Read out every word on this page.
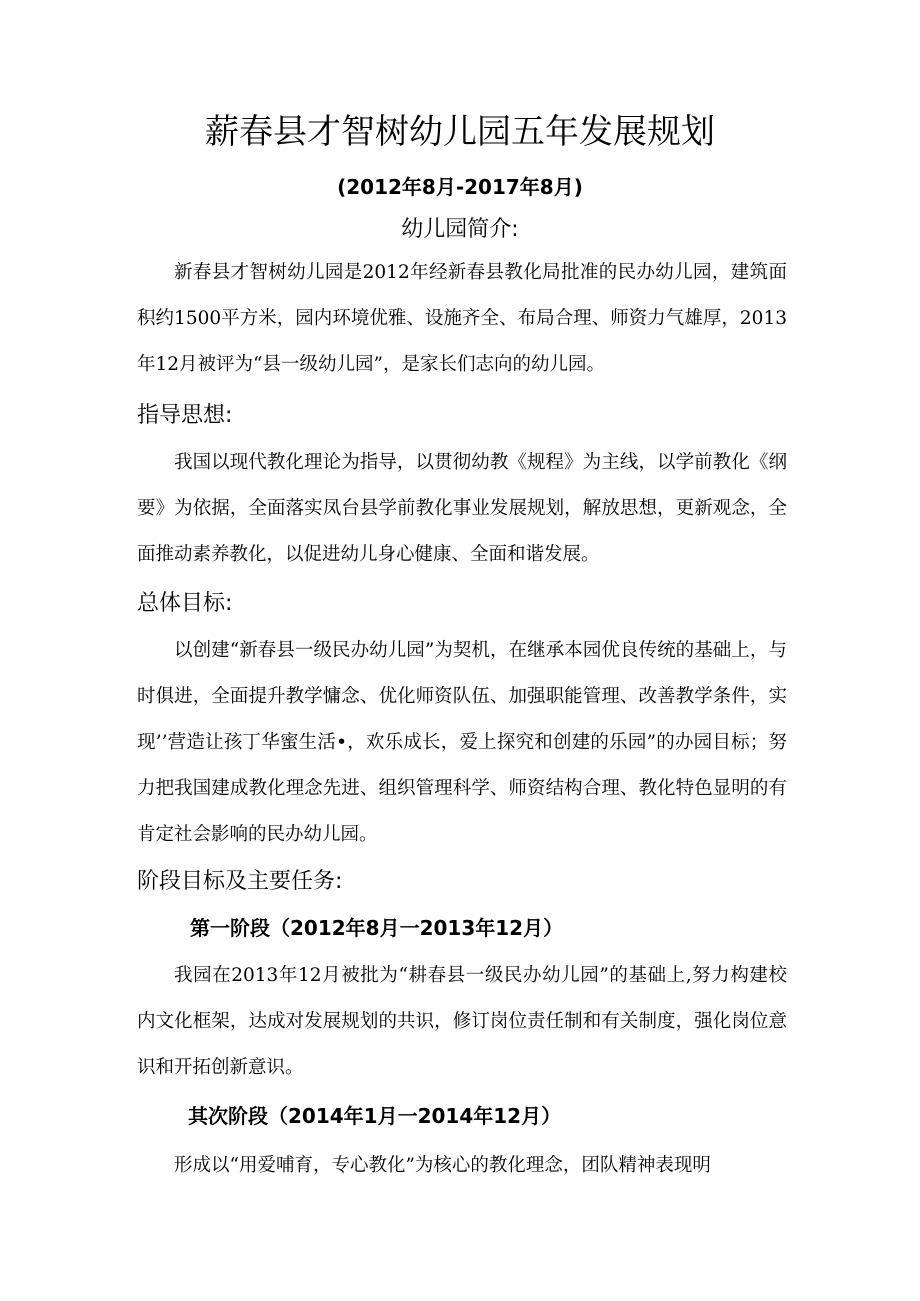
薪春县才智树幼儿园五年发展规划
(2012年8月-2017年8月)
幼儿园简介:

新春县才智树幼儿园是2012年经新春县教化局批准的民办幼儿园，建筑面积约1500平方米，园内环境优雅、设施齐全、布局合理、师资力气雄厚，2013年12月被评为“县一级幼儿园”，是家长们志向的幼儿园。

指导思想:

我国以现代教化理论为指导，以贯彻幼教《规程》为主线，以学前教化《纲要》为依据，全面落实凤台县学前教化事业发展规划，解放思想，更新观念，全面推动素养教化，以促进幼儿身心健康、全面和谐发展。

总体目标:

以创建“新春县一级民办幼儿园”为契机，在继承本园优良传统的基础上，与时俱进，全面提升教学慵念、优化师资队伍、加强职能管理、改善教学条件，实现’’营造让孩丁华蜜生活•，欢乐成长，爱上探究和创建的乐园”的办园目标；努力把我国建成教化理念先进、组织管理科学、师资结构合理、教化特色显明的有肯定社会影响的民办幼儿园。

阶段目标及主要任务:
第一阶段（2012年8月一2013年12月）

我园在2013年12月被批为“耕春县一级民办幼儿园”的基础上,努力构建校内文化框架，达成对发展规划的共识，修订岗位责任制和有关制度，强化岗位意识和开拓创新意识。

其次阶段（2014年1月一2014年12月）

形成以“用爱哺育，专心教化”为核心的教化理念，团队精神表现明
